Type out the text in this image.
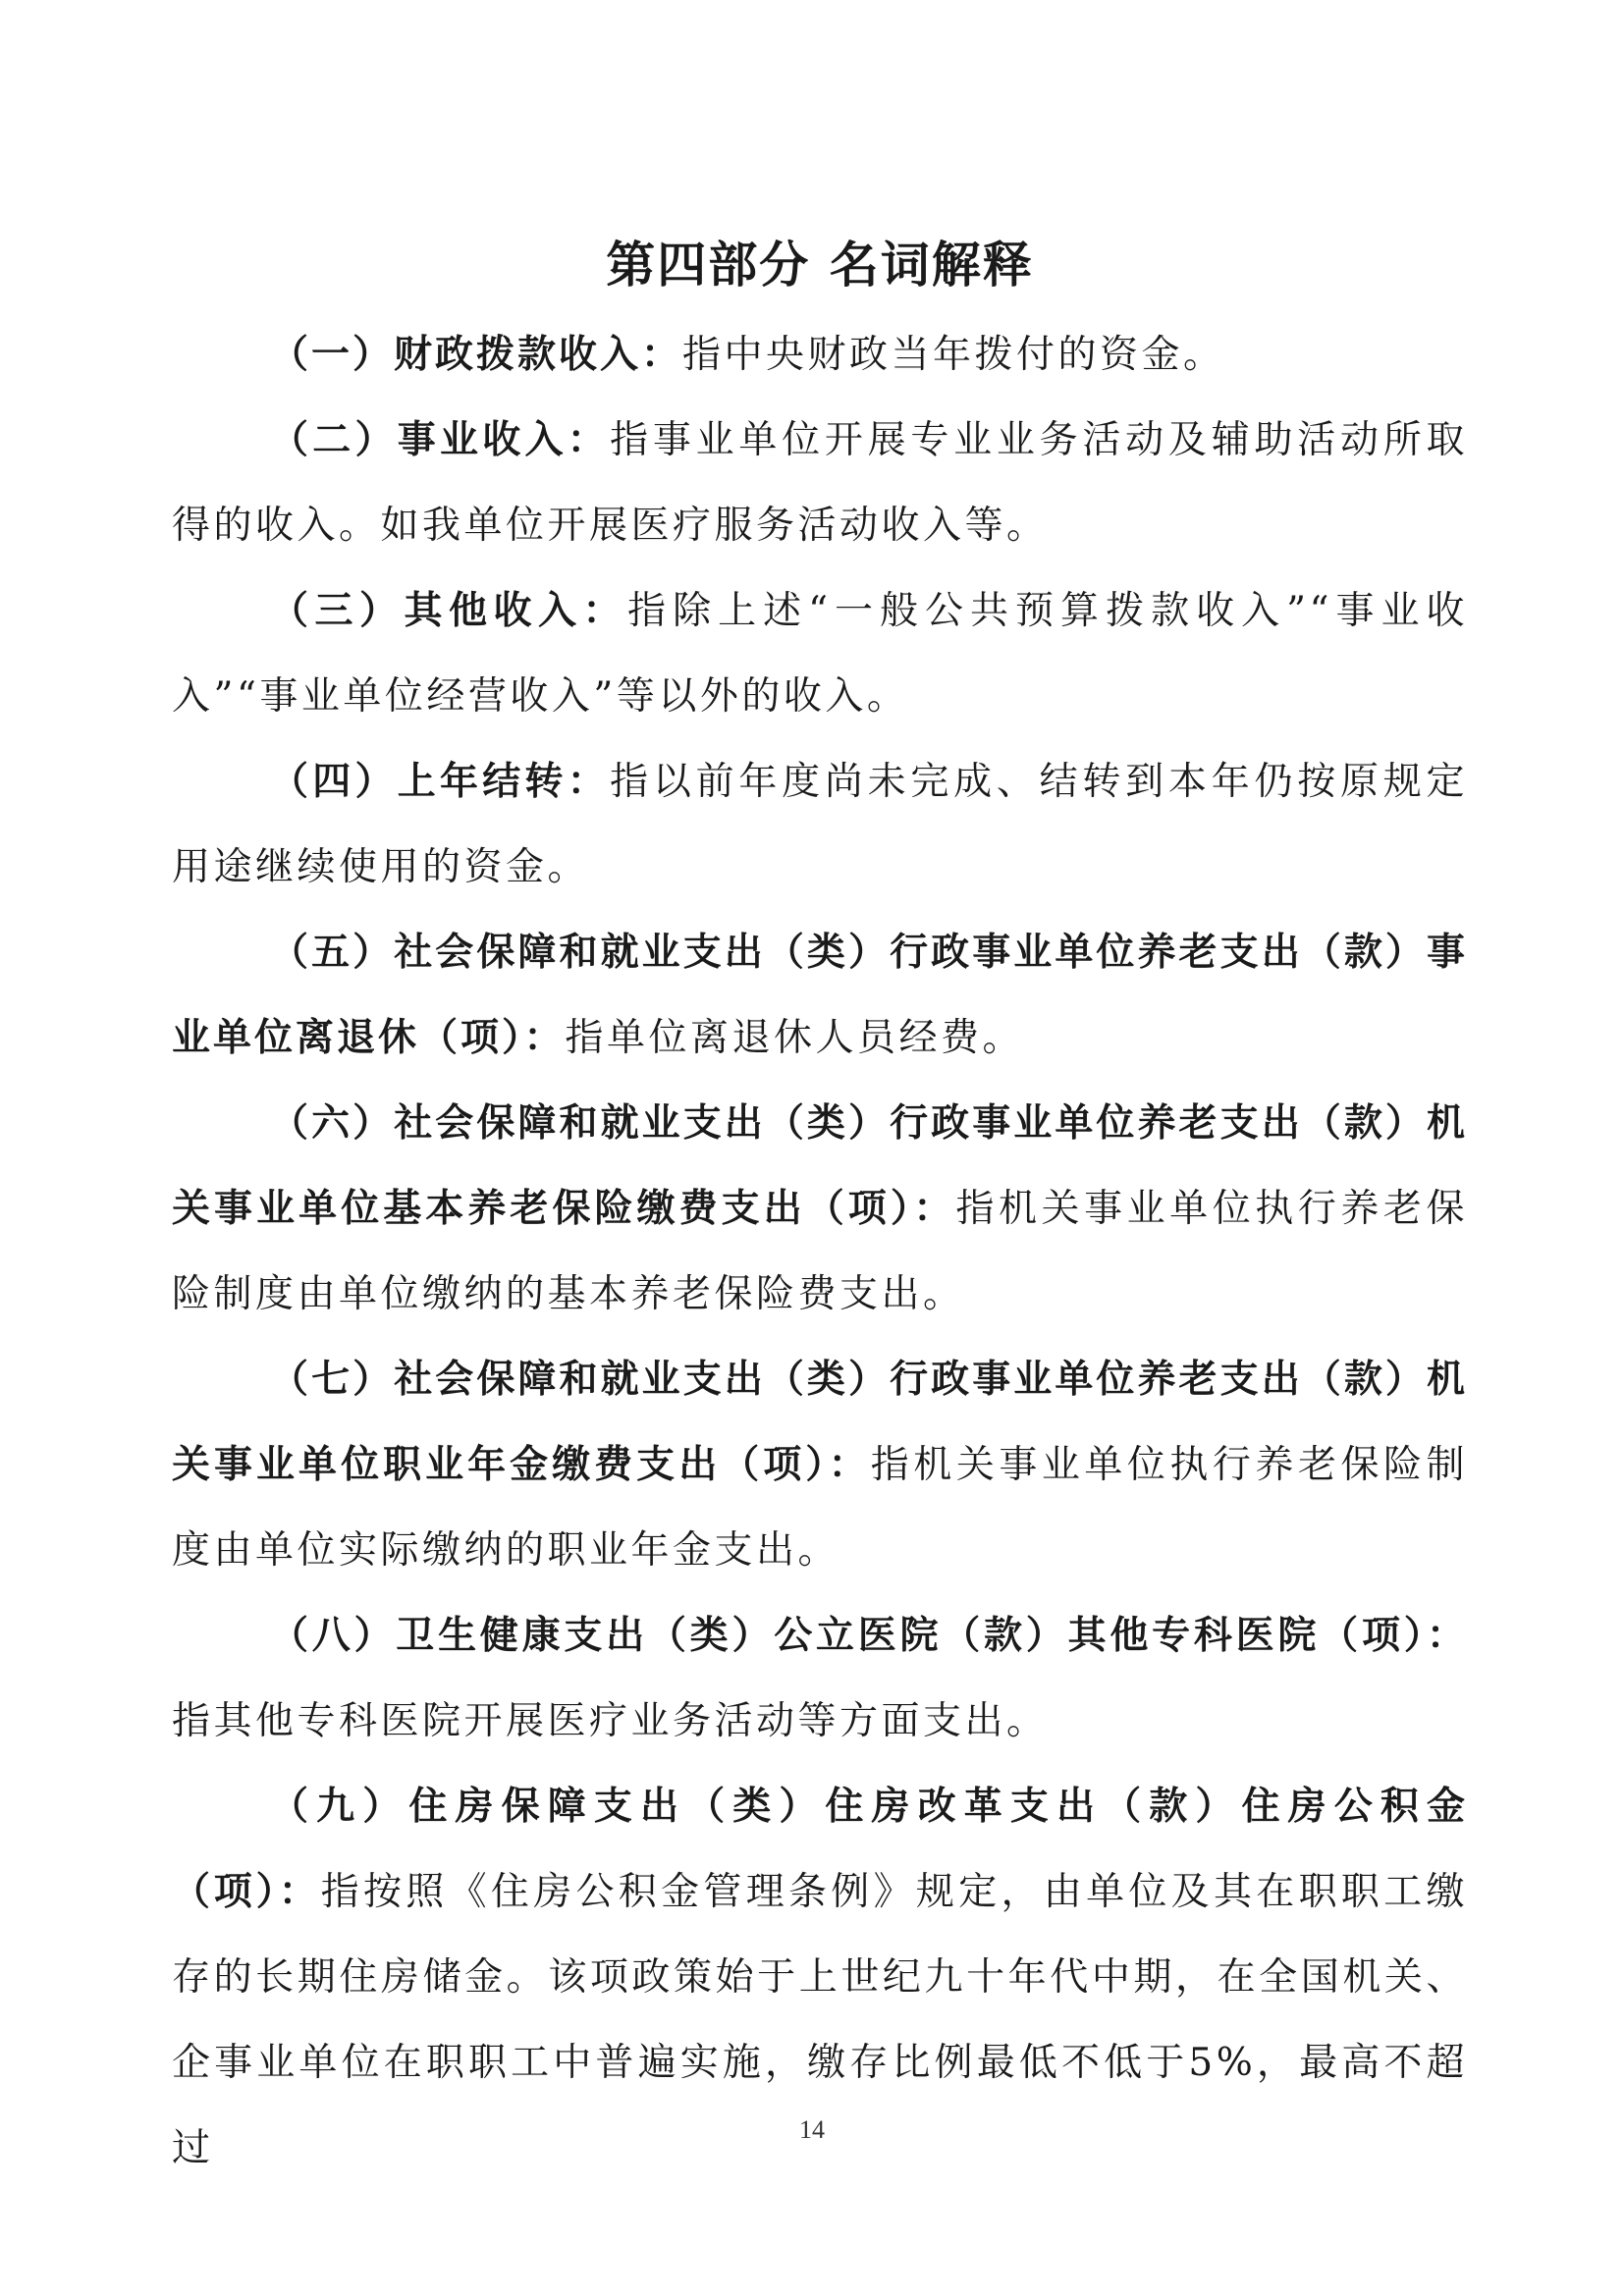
第四部分 名词解释

（一）财政拨款收入：指中央财政当年拨付的资金。

（二）事业收入：指事业单位开展专业业务活动及辅助活动所取得的收入。如我单位开展医疗服务活动收入等。

（三）其他收入：指除上述“一般公共预算拨款收入”“事业收入”“事业单位经营收入”等以外的收入。

（四）上年结转：指以前年度尚未完成、结转到本年仍按原规定用途继续使用的资金。

（五）社会保障和就业支出（类）行政事业单位养老支出（款）事业单位离退休（项）：指单位离退休人员经费。

（六）社会保障和就业支出（类）行政事业单位养老支出（款）机关事业单位基本养老保险缴费支出（项）：指机关事业单位执行养老保险制度由单位缴纳的基本养老保险费支出。

（七）社会保障和就业支出（类）行政事业单位养老支出（款）机关事业单位职业年金缴费支出（项）：指机关事业单位执行养老保险制度由单位实际缴纳的职业年金支出。

（八）卫生健康支出（类）公立医院（款）其他专科医院（项）：指其他专科医院开展医疗业务活动等方面支出。

（九）住房保障支出（类）住房改革支出（款）住房公积金（项）：指按照《住房公积金管理条例》规定，由单位及其在职职工缴存的长期住房储金。该项政策始于上世纪九十年代中期，在全国机关、企事业单位在职职工中普遍实施，缴存比例最低不低于5%，最高不超过	14
